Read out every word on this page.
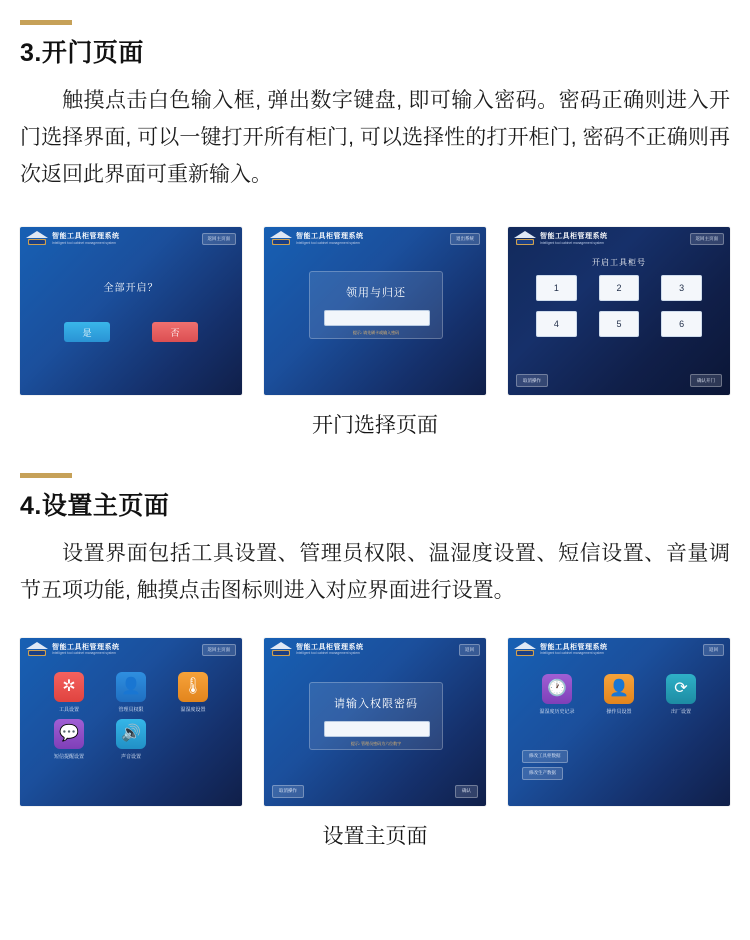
3.开门页面

触摸点击白色输入框, 弹出数字键盘, 即可输入密码。密码正确则进入开门选择界面, 可以一键打开所有柜门, 可以选择性的打开柜门, 密码不正确则再次返回此界面可重新输入。

智能工具柜管理系统
Intelligent tool cabinet management system
返回主页面
全部开启？
是	否
智能工具柜管理系统
Intelligent tool cabinet management system
退出系统
领用与归还
提示: 请先刷卡或输入密码
智能工具柜管理系统
Intelligent tool cabinet management system
返回主页面
开启工具柜号
1	2	3
4	5	6
取消操作	确认开门

开门选择页面

4.设置主页面

设置界面包括工具设置、管理员权限、温湿度设置、短信设置、音量调节五项功能, 触摸点击图标则进入对应界面进行设置。

智能工具柜管理系统
Intelligent tool cabinet management system
返回主页面
✲
工具设置
👤
管理员权限
🌡
温湿度设置
💬
短信提醒设置
🔊
声音设置
智能工具柜管理系统
Intelligent tool cabinet management system
返回
请输入权限密码
提示: 管理员密码为六位数字
取消操作	确认
智能工具柜管理系统
Intelligent tool cabinet management system
返回
🕐
温湿度历史记录
👤
操作员设置
⟳
出厂设置
修改工具柜数据
修改生产数据

设置主页面
